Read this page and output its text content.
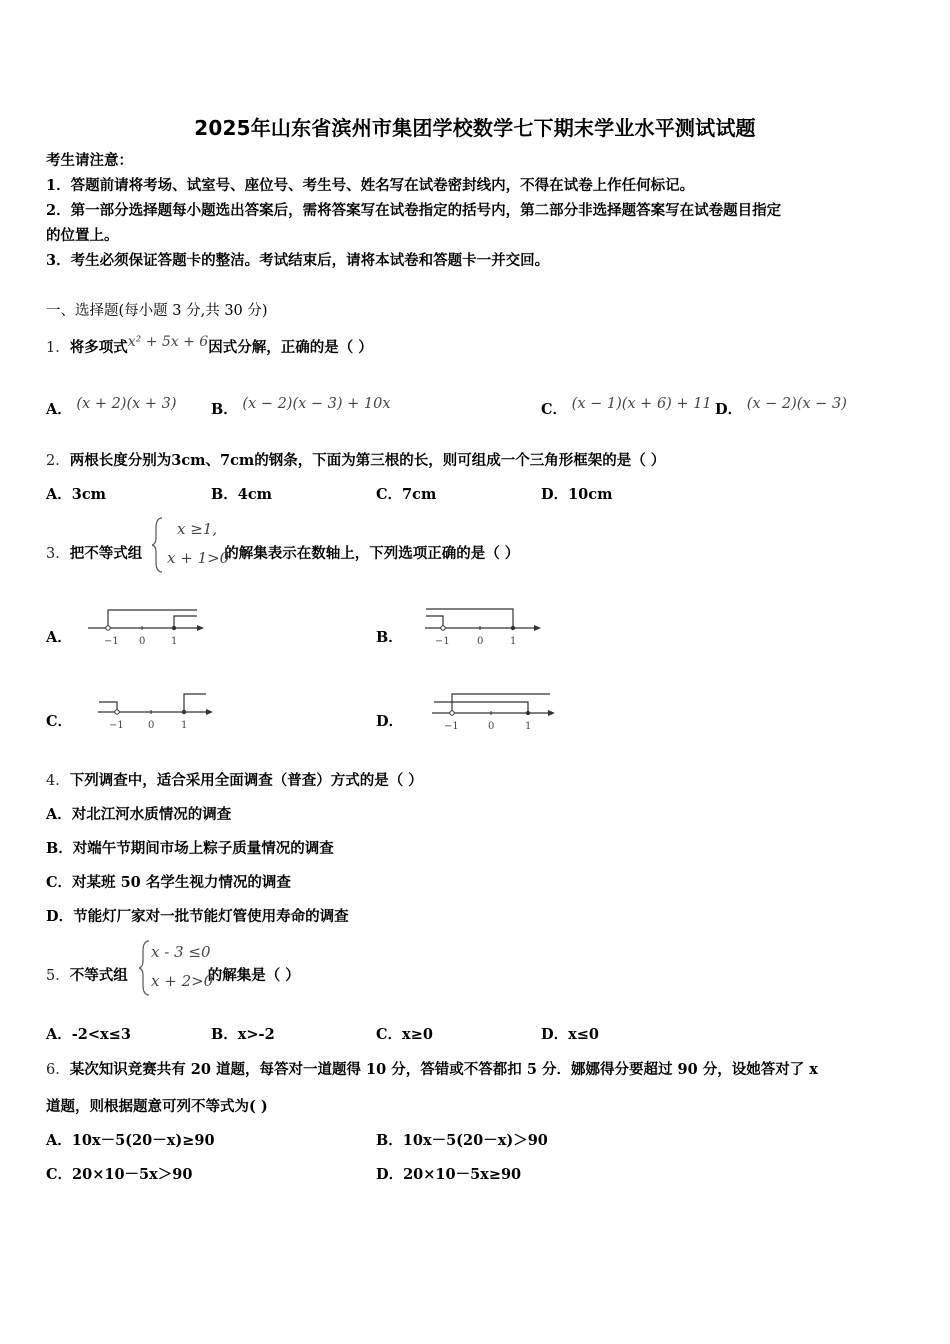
2025年山东省滨州市集团学校数学七下期末学业水平测试试题
考生请注意：
1．答题前请将考场、试室号、座位号、考生号、姓名写在试卷密封线内，不得在试卷上作任何标记。
2．第一部分选择题每小题选出答案后，需将答案写在试卷指定的括号内，第二部分非选择题答案写在试卷题目指定
的位置上。
3．考生必须保证答题卡的整洁。考试结束后，请将本试卷和答题卡一并交回。
一、选择题(每小题 3 分,共 30 分)
1．将多项式x² + 5x + 6因式分解，正确的是（ ）
A． (x + 2)(x + 3) B． (x − 2)(x − 3) + 10x	C． (x − 1)(x + 6) + 11 D． (x − 2)(x − 3)
2．两根长度分别为3cm、7cm的钢条，下面为第三根的长，则可组成一个三角形框架的是（ ）
A．3cm	B．4cm	C．7cm	D．10cm
3．把不等式组	的解集表示在数轴上，下列选项正确的是（ ）
x ≥1,
x + 1>0
A．	B．
C．	D．
−1 0	1	−1	0	1
−1 0	1	−1	0	1
4．下列调查中，适合采用全面调查（普查）方式的是（ ）
A．对北江河水质情况的调查
B．对端午节期间市场上粽子质量情况的调查
C．对某班 50 名学生视力情况的调查
D．节能灯厂家对一批节能灯管使用寿命的调查
5．不等式组	的解集是（ ）
x - 3 ≤0
x + 2>0
A．-2<x≤3	B．x>-2	C．x≥0	D．x≤0
6．某次知识竞赛共有 20 道题，每答对一道题得 10 分，答错或不答都扣 5 分．娜娜得分要超过 90 分，设她答对了 x
道题，则根据题意可列不等式为( )
A．10x－5(20－x)≥90	B．10x－5(20－x)＞90
C．20×10－5x＞90	D．20×10－5x≥90
